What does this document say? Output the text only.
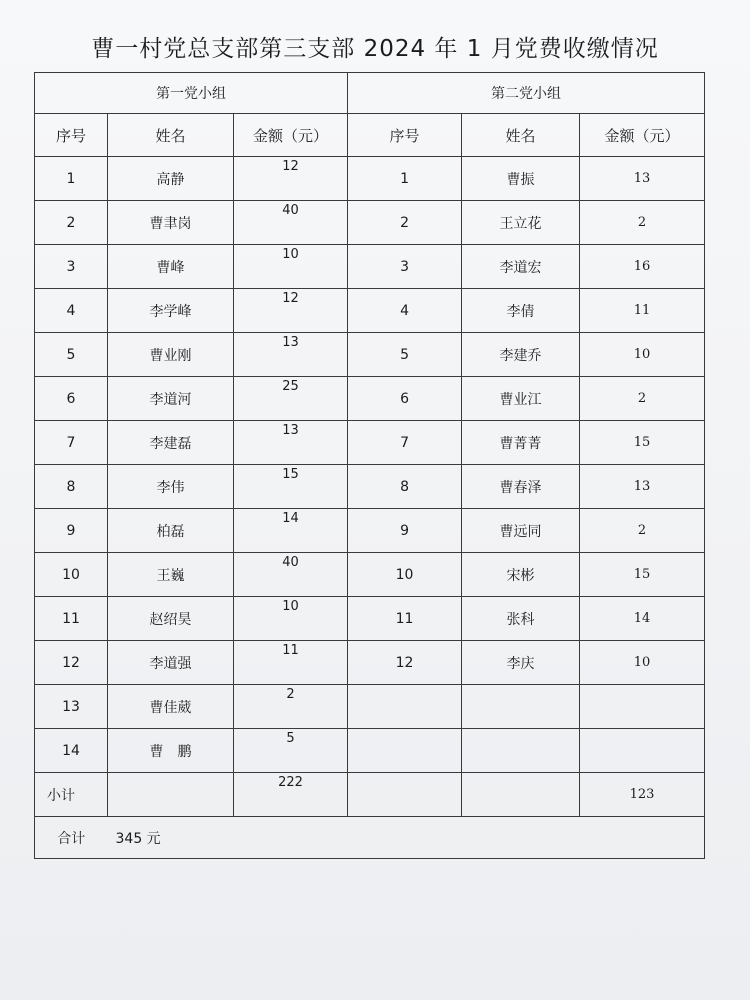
曹一村党总支部第三支部 2024 年 1 月党费收缴情况
第一党小组			第二党小组		
序号	姓名	金额（元）	序号	姓名	金额（元）
1	高静	12	1	曹振	13
2	曹聿岗	40	2	王立花	2
3	曹峰	10	3	李道宏	16
4	李学峰	12	4	李倩	11
5	曹业刚	13	5	李建乔	10
6	李道河	25	6	曹业江	2
7	李建磊	13	7	曹菁菁	15
8	李伟	15	8	曹春泽	13
9	柏磊	14	9	曹远同	2
10	王巍	40	10	宋彬	15
11	赵绍昊	10	11	张科	14
12	李道强	11	12	李庆	10
13	曹佳葳	2			
14	曹　鹏	5			
小计		222			123
合计	345 元				
